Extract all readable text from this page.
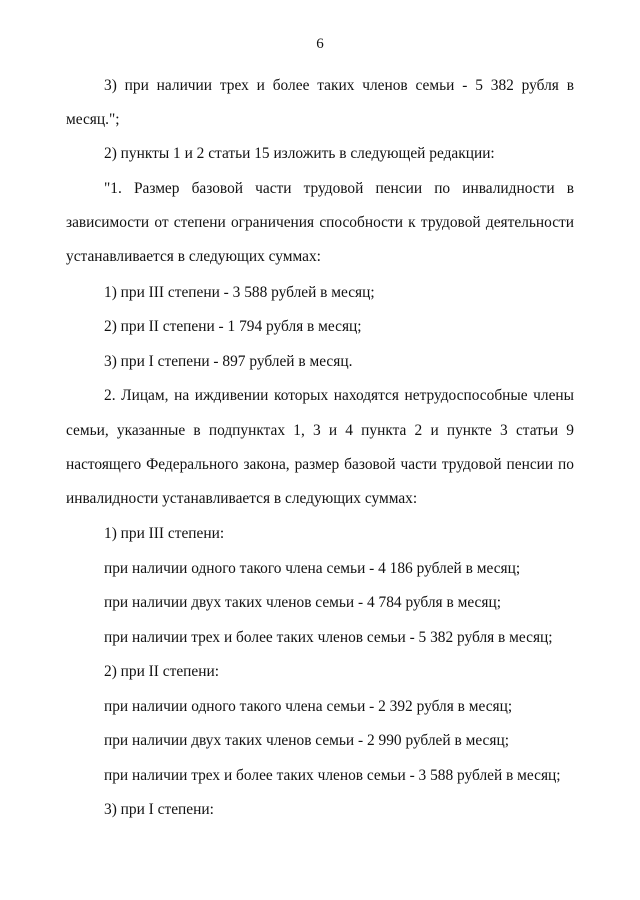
6
3) при наличии трех и более таких членов семьи - 5 382 рубля в
месяц.";
2) пункты 1 и 2 статьи 15 изложить в следующей редакции:
"1. Размер базовой части трудовой пенсии по инвалидности в
зависимости от степени ограничения способности к трудовой деятельности
устанавливается в следующих суммах:
1) при III степени - 3 588 рублей в месяц;
2) при II степени - 1 794 рубля в месяц;
3) при I степени - 897 рублей в месяц.
2. Лицам, на иждивении которых находятся нетрудоспособные члены
семьи, указанные в подпунктах 1, 3 и 4 пункта 2 и пункте 3 статьи 9
настоящего Федерального закона, размер базовой части трудовой пенсии по
инвалидности устанавливается в следующих суммах:
1) при III степени:
при наличии одного такого члена семьи - 4 186 рублей в месяц;
при наличии двух таких членов семьи - 4 784 рубля в месяц;
при наличии трех и более таких членов семьи - 5 382 рубля в месяц;
2) при II степени:
при наличии одного такого члена семьи - 2 392 рубля в месяц;
при наличии двух таких членов семьи - 2 990 рублей в месяц;
при наличии трех и более таких членов семьи - 3 588 рублей в месяц;
3) при I степени:
